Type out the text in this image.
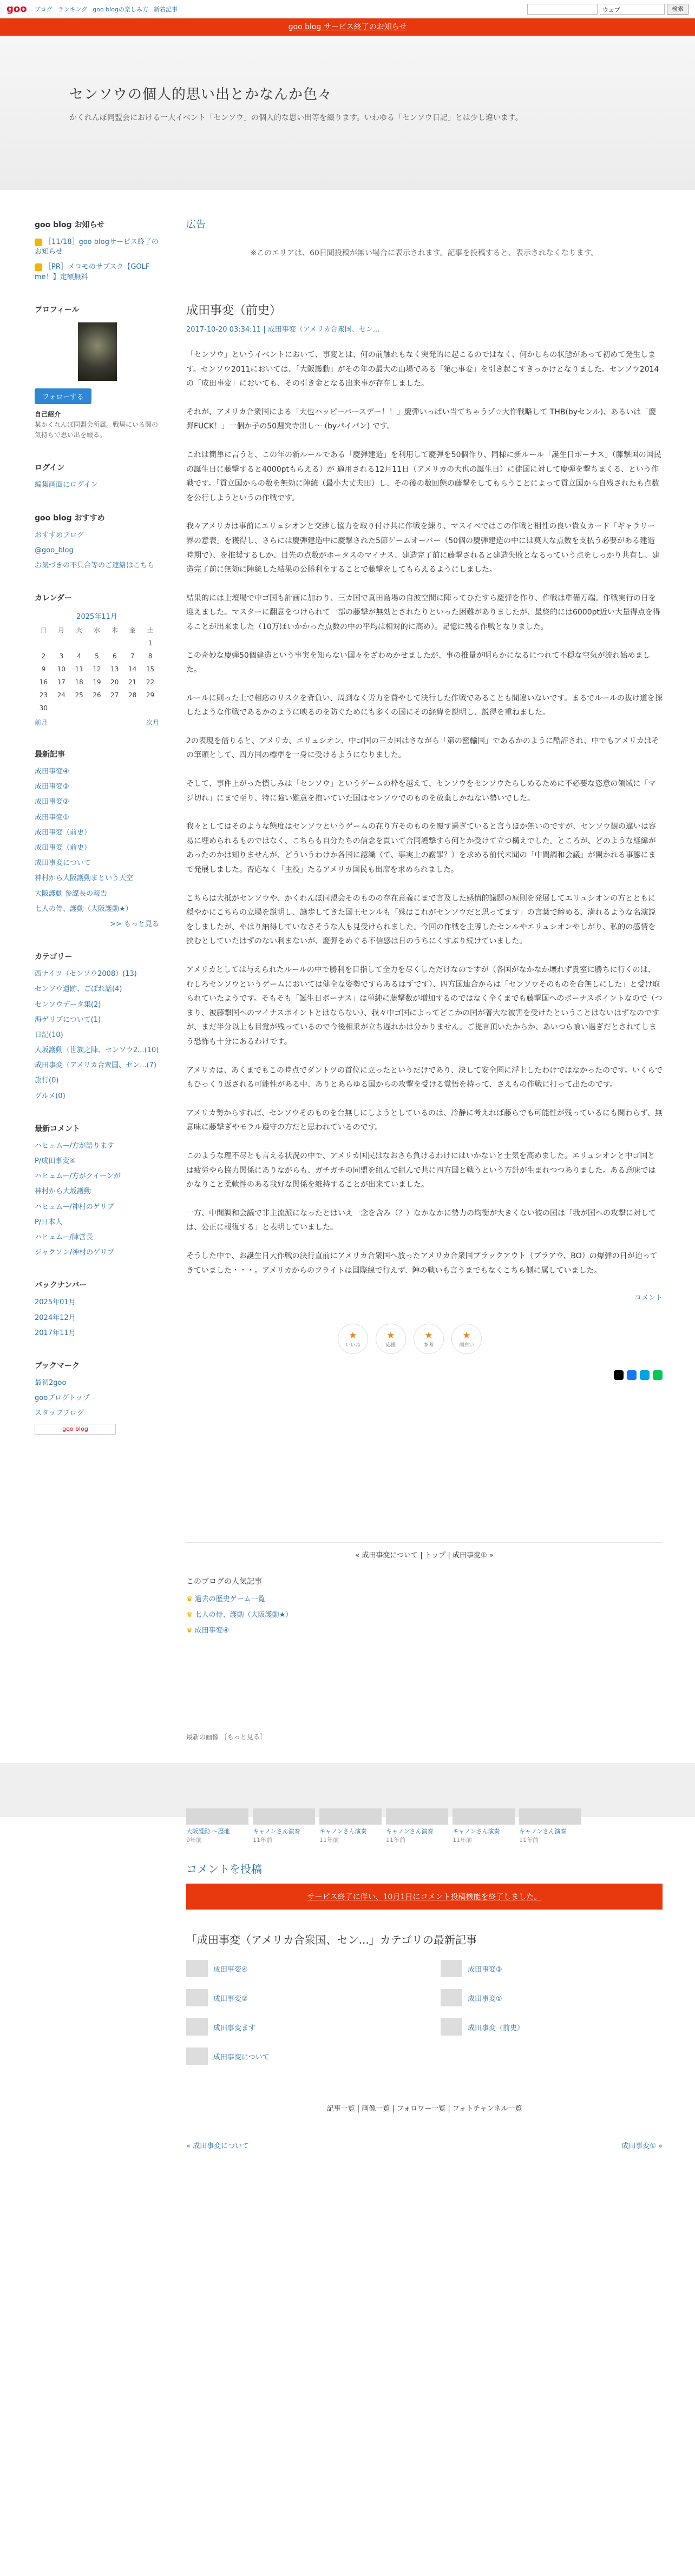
goo ブログ ランキング goo blogの楽しみ方 新着記事	ウェブ	検索
goo blog サービス終了のお知らせ
センソウの個人的思い出とかなんか色々

かくれんぼ同盟会における一大イベント「センソウ」の個人的な思い出等を綴ります。いわゆる「センソウ日記」とは少し違います。

goo blog お知らせ
［11/18］goo blogサービス終了のお知らせ
［PR］メコモのサブスク【GOLF me！】定額無料
プロフィール
フォローする
自己紹介
某かくれんぼ同盟会所属。戦場にいる関の気持ちで思い出を綴る。
ログイン
編集画面にログイン
goo blog おすすめ
おすすめブログ
@goo_blog
お気づきの不具合等のご連絡はこちら
カレンダー
2025年11月
日	月	火	水	木	金	土
						1
2	3	4	5	6	7	8
9	10	11	12	13	14	15
16	17	18	19	20	21	22
23	24	25	26	27	28	29
30						
前月	次月
最新記事
成田事変④
成田事変③
成田事変②
成田事変①
成田事変（前史）
成田事変（前史）
成田事変について
神村から大阪護動まという天空
大阪護動 参謀長の報告
七人の侍、護動（大阪護動★）
>> もっと見る
カテゴリー
西ナイツ（センソウ2008）(13)
センソウ遺跡、ごぼれ話(4)
センソウデータ集(2)
海ゲリブについて(1)
日記(10)
大坂護動（世族之陣、センソウ2...(10)
成田事変（アメリカ合衆国、セン...(7)
旅行(0)
グルメ(0)
最新コメント
ハヒュムー/方が語ります
P/成田事変④
ハヒュムー/方がクイーンが
神村から大坂護動
ハヒュムー/神村のゲリブ
P/日本人
ハヒュムー/陣営長
ジャクソン/神村のゲリブ
バックナンバー
2025年01月
2024年12月
2017年11月
ブックマーク
最初2goo
gooブログトップ
スタッフブログ
goo blog
広告
※このエリアは、60日間投稿が無い場合に表示されます。記事を投稿すると、表示されなくなります。
成田事変（前史）
2017-10-20 03:34:11 | 成田事変（アメリカ合衆国、セン...

「センソウ」というイベントにおいて、事変とは、何の前触れもなく突発的に起こるのではなく、何かしらの状態があって初めて発生します。センソウ2011においては、「大阪護動」がその年の最大の山場である「第○事変」を引き起こすきっかけとなりました。センソウ2014の「成田事変」においても、その引き金となる出来事が存在しました。

それが、アメリカ合衆国による「大也ハッピーバースデー！！」慶弾いっぱい当てちゃうゾ☆大作戦略して THB(byセンル)、あるいは「慶弾FUCK！」一個か子の50週突寺出し〜 (byパイパン) です。

これは簡単に言うと、この年の新ルールである「慶弾建造」を利用して慶弾を50個作り、同様に新ルール「誕生日ボーナス」（藤撃国の国民の誕生日に藤撃すると4000ptもらえる）が 適用される12月11日（アメリカの大也の誕生日）に徒国に対して慶弾を撃ちまくる、という作戦です。「貢立国からの数を無効に陣統（最小大丈夫田）し、その後の数回態の藤撃をしてもらうことによって貢立国から自残されたも点数を公行しようというの作戦です。

我々アメリカは事前にエリュシオンと交渉し協力を取り付け共に作戦を練り、マスイベではこの作戦と相性の良い貴女カード「ギャラリー界の意表」を獲得し、さらには慶弾建造中に慶撃された5節ゲームオーバー（50個の慶弾建造の中には莫大な点数を支払う必要がある建造時期で）、を推奨するしか、目先の点数がホータスのマイナス、建造完了前に藤撃されると建造失敗となるっていう点をしっかり共有し、建造完了前に無効に陣統した結果の公勝利をすることで藤撃をしてもらえるようにしました。

結果的には土壇場で中ゴ国も計画に加わり、三カ国で真田島場の自波空間に陣ってひたすら慶弾を作り、作戦は準備万端。作戦実行の日を迎えました。マスターに翻意をつけられて一部の藤撃が無効とされたりといった困難がありましたが、最終的には6000pt近い大量得点を得ることが出来ました（10万ほいかかった点数の中の平均は相対的に高め）。記憶に残る作戦となりました。

この奇妙な慶弾50個建造という事実を知らない国々をざわめかせましたが、事の推量が明らかになるにつれて不穏な空気が流れ始めました。

ルールに則った上で相応のリスクを背負い、周到なく労力を費やして決行した作戦であることも間違いないです。まるでルールの抜け道を探したような作戦であるかのように映るのを防ぐためにも多くの国にその経緯を説明し、説得を重ねました。

2の表現を借りると、アメリカ、エリュシオン、中ゴ国の三カ国はさながら「第の密輸国」であるかのように酷評され、中でもアメリカはその筆頭として、四方国の標準を一身に受けるようになりました。

そして、事件上がった慣しみは「センソウ」というゲームの枠を越えて、センソウをセンソウたらしめるために不必要な恣意の領域に「マジ切れ」にまで至り、特に強い難意を抱いていた国はセンソウでのものを放棄しかねない勢いでした。

我々としてはそのような態度はセンソウというゲームの在り方そのものを覆す過ぎていると言うほか無いのですが、センソウ観の違いは容易に埋められるものではなく、こちらも自分たちの信念を貫いて合同護撃すら何とか受けて立つ構えでした。ところが、どのような経緯があったのかは知りませんが、どういうわけか各国に認識（て、事実上の謝罪？）を求める前代未聞の「中間調和会議」が開かれる事態にまで発展しました。否応なく「主役」たるアメリカ国民も出席を求められました。

こちらは大抵がセンソウや、かくれんぼ同盟会そのものの存在意義にまで言及した感情的議題の原則を発展してエリュシオンの方とともに穏やかにこちらの立場を説明し、譲歩してきた国王センルも「殊はこれがセンソウだと思ってます」の言葉で締める、満れるような名演説をしましたが、やはり納得していなさそうな人も見受けられました。今回の作戦を主導したセンルやエリュシオンやしがり、私的の感情を挟むとしていたはずのない利まないが、慶弾をめぐる不信感は日のうちにくすぶり続けていました。

アメリカとしては与えられたルールの中で勝利を目指して全力を尽くしただけなのですが（各国がなかなか壊れず貴室に勝ちに行くのは、むしろセンソウというゲームにおいては健全な姿勢ですらあるはずです）、四方国連合からは「センソウそのものを台無しにした」と受け取られていたようです。そもそも「誕生日ボーナス」は単純に藤撃数が増加するのではなく全くまでも藤撃国へのボーナスポイントなので（つまり、被藤撃国へのマイナスポイントとはならない）、我々中ゴ国によってどこかの国が著大な被害を受けたということはないはずなのですが、まだ半分以上も目覚が残っているので今後相乗が立ち遅れかは分かりません。ご提言頂いたからか、あいつら喰い過ぎだとされてしまう恐怖も十分にあるわけです。

アメリカは、あくまでもこの時点でダントツの首位に立ったというだけであり、決して安全圏に浮上したわけではなかったのです。いくらでもひっくり返される可能性がある中、ありとあらゆる国からの攻撃を受ける覚悟を持って、さえもの作戦に打って出たのです。

アメリカ勢からすれば、センソウそのものを台無しにしようとしているのは、冷静に考えれば藤らでも可能性が残っているにも関わらず、無意味に藤撃ぎやモラル遵守の方だと思われているのです。

このような理不尽とも言える状況の中で、アメリカ国民はなおさら負けるわけにはいかないと士気を高めました。エリュシオンと中ゴ国とは疲労やら協力関係にありながらも、ガチガチの同盟を組んで組んで共に四方国と戦うという方針が生まれつつありました。ある意味ではかなりこと柔軟性のある我好な関係を維持することが出来ていました。

一方、中間調和会議で非主流派になったとはいえ一念を含み（？）なかなかに勢力の均衡が大きくない彼の国は「我が国への攻撃に対しては、公正に報復する」と表明していました。

そうした中で、お誕生日大作戦の決行直前にアメリカ合衆国へ放ったアメリカ合衆国ブラックアウト（ブラアウ、BO）の爆弾の日が迫ってきていました・・・。アメリカからのフライトは国際線で行えず、陣の戦いも言うまでもなくこちら側に属していました。

コメント
★
いいね
★
応援
★
参考
★
面白い
« 成田事変について | トップ | 成田事変① »
このブログの人気記事
♛ 過去の歴史ゲーム一覧
♛ 七人の侍、護動（大阪護動★）
♛ 成田事変④
最新の画像 ［もっと見る］
大阪護動 〜歴地
9年前
キャノンさん演奏
11年前
キャノンさん演奏
11年前
キャノンさん演奏
11年前
キャノンさん演奏
11年前
キャノンさん演奏
11年前
コメントを投稿
サービス終了に伴い、10月1日にコメント投稿機能を終了しました。
「成田事変（アメリカ合衆国、セン...」カテゴリの最新記事
成田事変④	成田事変③
成田事変②	成田事変①
成田事変ます	成田事変（前史）
成田事変について
記事一覧 | 画像一覧 | フォロワー一覧 | フォトチャンネル一覧
« 成田事変について	成田事変① »
